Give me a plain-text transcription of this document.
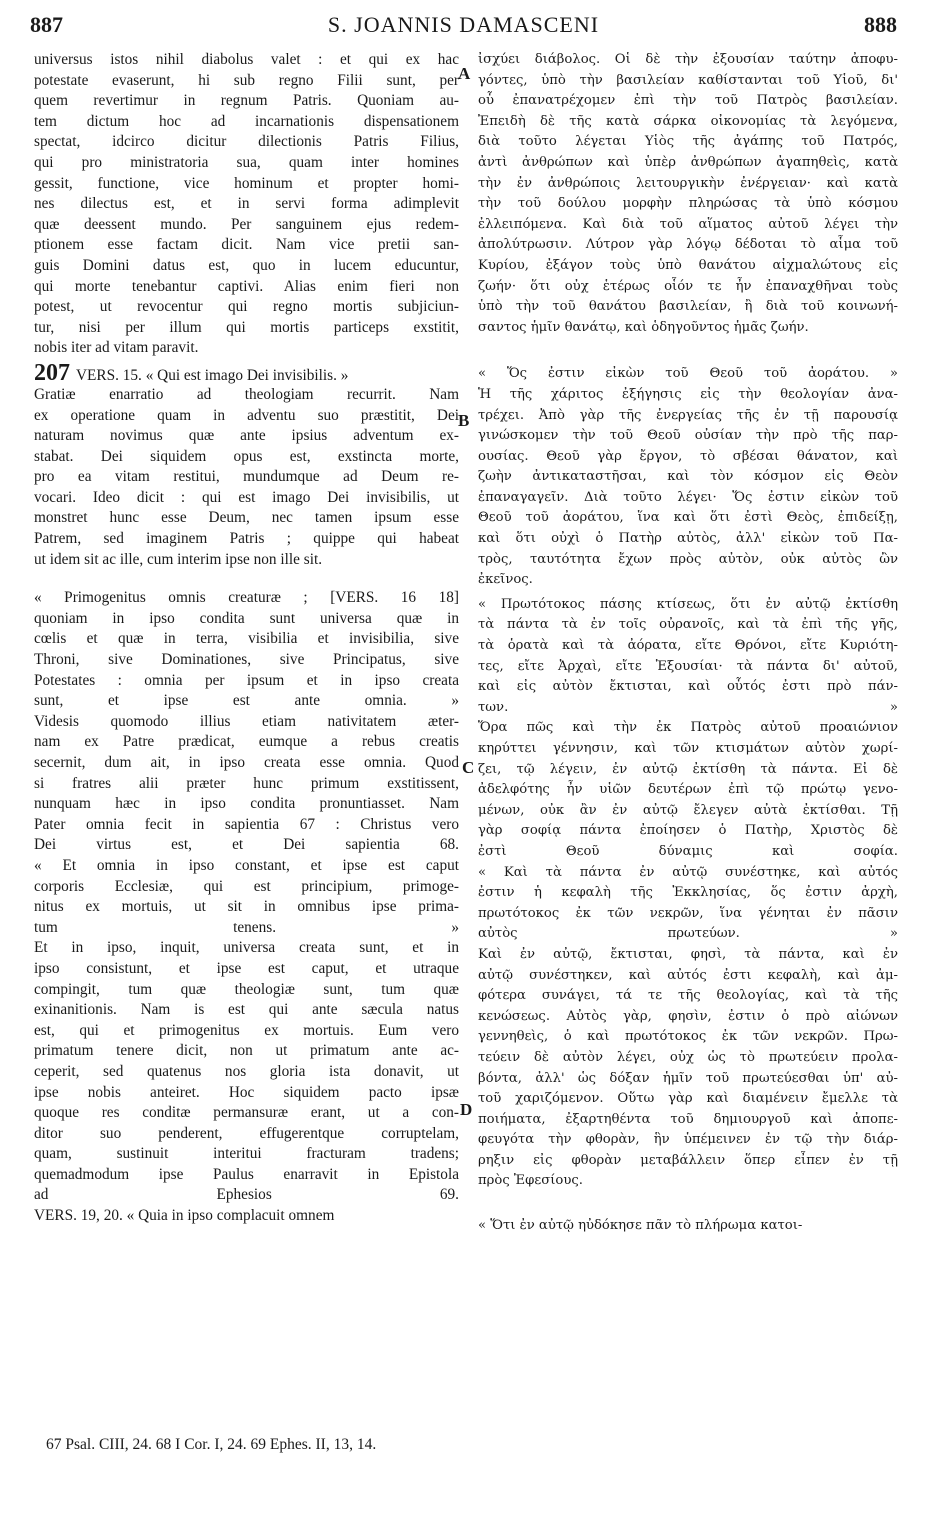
887	S. JOANNIS DAMASCENI	888
universus istos nihil diabolus valet : et qui ex hac
potestate evaserunt, hi sub regno Filii sunt, per
quem revertimur in regnum Patris. Quoniam au-
tem dictum hoc ad incarnationis dispensationem
spectat, idcirco dicitur dilectionis Patris Filius,
qui pro ministratoria sua, quam inter homines
gessit, functione, vice hominum et propter homi-
nes dilectus est, et in servi forma adimplevit
quæ deessent mundo. Per sanguinem ejus redem-
ptionem esse factam dicit. Nam vice pretii san-
guis Domini datus est, quo in lucem educuntur,
qui morte tenebantur captivi. Alias enim fieri non
potest, ut revocentur qui regno mortis subjiciun-
tur, nisi per illum qui mortis particeps exstitit,
nobis iter ad vitam paravit.
207 VERS. 15. « Qui est imago Dei invisibilis. »
Gratiæ enarratio ad theologiam recurrit. Nam
ex operatione quam in adventu suo præstitit, Dei
naturam novimus quæ ante ipsius adventum ex-
stabat. Dei siquidem opus est, exstincta morte,
pro ea vitam restitui, mundumque ad Deum re-
vocari. Ideo dicit : qui est imago Dei invisibilis, ut
monstret hunc esse Deum, nec tamen ipsum esse
Patrem, sed imaginem Patris ; quippe qui habeat
ut idem sit ac ille, cum interim ipse non ille sit.
« Primogenitus omnis creaturæ ; [VERS. 16 18]
quoniam in ipso condita sunt universa quæ in
cœlis et quæ in terra, visibilia et invisibilia, sive
Throni, sive Dominationes, sive Principatus, sive
Potestates : omnia per ipsum et in ipso creata
sunt, et ipse est ante omnia. »
Videsis quomodo illius etiam nativitatem æter-
nam ex Patre prædicat, eumque a rebus creatis
secernit, dum ait, in ipso creata esse omnia. Quod
si fratres alii præter hunc primum exstitissent,
nunquam hæc in ipso condita pronuntiasset. Nam
Pater omnia fecit in sapientia 67 : Christus vero
Dei virtus est, et Dei sapientia 68.
« Et omnia in ipso constant, et ipse est caput
corporis Ecclesiæ, qui est principium, primoge-
nitus ex mortuis, ut sit in omnibus ipse prima-
tum tenens. »
Et in ipso, inquit, universa creata sunt, et in
ipso consistunt, et ipse est caput, et utraque
compingit, tum quæ theologiæ sunt, tum quæ
exinanitionis. Nam is est qui ante sæcula natus
est, qui et primogenitus ex mortuis. Eum vero
primatum tenere dicit, non ut primatum ante ac-
ceperit, sed quatenus nos gloria ista donavit, ut
ipse nobis anteiret. Hoc siquidem pacto ipsæ
quoque res conditæ permansuræ erant, ut a con-
ditor suo penderent, effugerentque corruptelam,
quam, sustinuit interitui fracturam tradens;
quemadmodum ipse Paulus enarravit in Epistola
ad Ephesios 69.
VERS. 19, 20. « Quia in ipso complacuit omnem
ἰσχύει διάβολος. Οἱ δὲ τὴν ἐξουσίαν ταύτην ἀποφυ-
γόντες, ὑπὸ τὴν βασιλείαν καθίστανται τοῦ Υἱοῦ, δι'
οὗ ἐπανατρέχομεν ἐπὶ τὴν τοῦ Πατρὸς βασιλείαν.
Ἐπειδὴ δὲ τῆς κατὰ σάρκα οἰκονομίας τὰ λεγόμενα,
διὰ τοῦτο λέγεται Υἱὸς τῆς ἀγάπης τοῦ Πατρός,
ἀντὶ ἀνθρώπων καὶ ὑπὲρ ἀνθρώπων ἀγαπηθεὶς, κατὰ
τὴν ἐν ἀνθρώποις λειτουργικὴν ἐνέργειαν· καὶ κατὰ
τὴν τοῦ δούλου μορφὴν πληρώσας τὰ ὑπὸ κόσμου
ἐλλειπόμενα. Καὶ διὰ τοῦ αἵματος αὐτοῦ λέγει τὴν
ἀπολύτρωσιν. Λύτρον γὰρ λόγῳ δέδοται τὸ αἷμα τοῦ
Κυρίου, ἐξάγον τοὺς ὑπὸ θανάτου αἰχμαλώτους εἰς
ζωήν· ὅτι οὐχ ἑτέρως οἷόν τε ἦν ἐπαναχθῆναι τοὺς
ὑπὸ τὴν τοῦ θανάτου βασιλείαν, ἢ διὰ τοῦ κοινωνή-
σαντος ἡμῖν θανάτῳ, καὶ ὁδηγοῦντος ἡμᾶς ζωήν.
« Ὅς ἐστιν εἰκὼν τοῦ Θεοῦ τοῦ ἀοράτου. »
Ἡ τῆς χάριτος ἐξήγησις εἰς τὴν θεολογίαν ἀνα-
τρέχει. Ἀπὸ γὰρ τῆς ἐνεργείας τῆς ἐν τῇ παρουσίᾳ
γινώσκομεν τὴν τοῦ Θεοῦ οὐσίαν τὴν πρὸ τῆς παρ-
ουσίας. Θεοῦ γὰρ ἔργον, τὸ σβέσαι θάνατον, καὶ
ζωὴν ἀντικαταστῆσαι, καὶ τὸν κόσμον εἰς Θεὸν
ἐπαναγαγεῖν. Διὰ τοῦτο λέγει· Ὅς ἐστιν εἰκὼν τοῦ
Θεοῦ τοῦ ἀοράτου, ἵνα καὶ ὅτι ἐστὶ Θεὸς, ἐπιδείξῃ,
καὶ ὅτι οὐχὶ ὁ Πατὴρ αὐτὸς, ἀλλ' εἰκὼν τοῦ Πα-
τρὸς, ταυτότητα ἔχων πρὸς αὐτὸν, οὐκ αὐτὸς ὢν
ἐκεῖνος.
« Πρωτότοκος πάσης κτίσεως, ὅτι ἐν αὐτῷ ἐκτίσθη
τὰ πάντα τὰ ἐν τοῖς οὐρανοῖς, καὶ τὰ ἐπὶ τῆς γῆς,
τὰ ὁρατὰ καὶ τὰ ἀόρατα, εἴτε Θρόνοι, εἴτε Κυριότη-
τες, εἴτε Ἀρχαὶ, εἴτε Ἐξουσίαι· τὰ πάντα δι' αὐτοῦ,
καὶ εἰς αὐτὸν ἔκτισται, καὶ οὗτός ἐστι πρὸ πάν-
των. »
Ὅρα πῶς καὶ τὴν ἐκ Πατρὸς αὐτοῦ προαιώνιον
κηρύττει γέννησιν, καὶ τῶν κτισμάτων αὐτὸν χωρί-
ζει, τῷ λέγειν, ἐν αὐτῷ ἐκτίσθη τὰ πάντα. Εἰ δὲ
ἀδελφότης ἦν υἱῶν δευτέρων ἐπὶ τῷ πρώτῳ γενο-
μένων, οὐκ ἂν ἐν αὐτῷ ἔλεγεν αὐτὰ ἐκτίσθαι. Τῇ
γὰρ σοφίᾳ πάντα ἐποίησεν ὁ Πατὴρ, Χριστὸς δὲ
ἐστὶ Θεοῦ δύναμις καὶ σοφία.
« Καὶ τὰ πάντα ἐν αὐτῷ συνέστηκε, καὶ αὐτός
ἐστιν ἡ κεφαλὴ τῆς Ἐκκλησίας, ὅς ἐστιν ἀρχὴ,
πρωτότοκος ἐκ τῶν νεκρῶν, ἵνα γένηται ἐν πᾶσιν
αὐτὸς πρωτεύων. »
Καὶ ἐν αὐτῷ, ἔκτισται, φησὶ, τὰ πάντα, καὶ ἐν
αὐτῷ συνέστηκεν, καὶ αὐτός ἐστι κεφαλὴ, καὶ ἀμ-
φότερα συνάγει, τά τε τῆς θεολογίας, καὶ τὰ τῆς
κενώσεως. Αὐτὸς γὰρ, φησὶν, ἐστιν ὁ πρὸ αἰώνων
γεννηθεὶς, ὁ καὶ πρωτότοκος ἐκ τῶν νεκρῶν. Πρω-
τεύειν δὲ αὐτὸν λέγει, οὐχ ὡς τὸ πρωτεύειν προλα-
βόντα, ἀλλ' ὡς δόξαν ἡμῖν τοῦ πρωτεύεσθαι ὑπ' αὐ-
τοῦ χαριζόμενον. Οὕτω γὰρ καὶ διαμένειν ἔμελλε τὰ
ποιήματα, ἐξαρτηθέντα τοῦ δημιουργοῦ καὶ ἀποπε-
φευγότα τὴν φθορὰν, ἣν ὑπέμεινεν ἐν τῷ τὴν διάρ-
ρηξιν εἰς φθορὰν μεταβάλλειν ὅπερ εἶπεν ἐν τῇ
πρὸς Ἐφεσίους.
« Ὅτι ἐν αὐτῷ ηὐδόκησε πᾶν τὸ πλήρωμα κατοι-
A
B
C
D
67 Psal. CIII, 24. 68 I Cor. I, 24. 69 Ephes. II, 13, 14.
